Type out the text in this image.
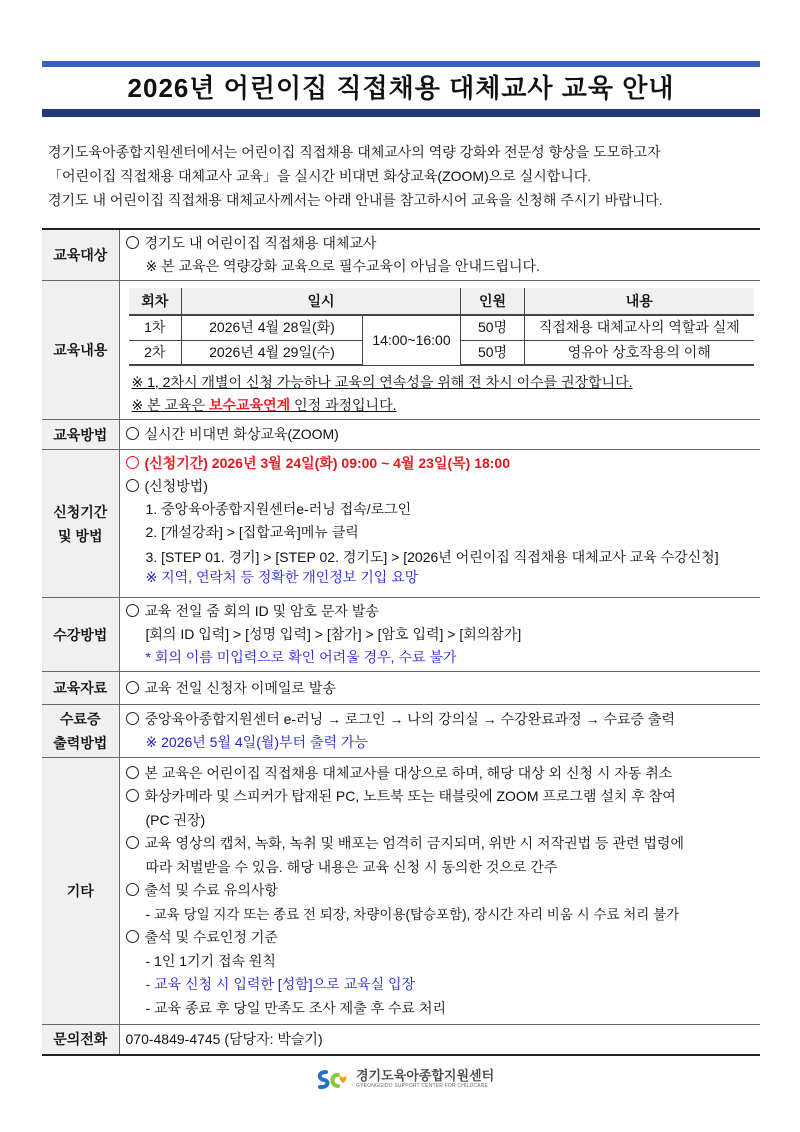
2026년 어린이집 직접채용 대체교사 교육 안내
경기도육아종합지원센터에서는 어린이집 직접채용 대체교사의 역량 강화와 전문성 향상을 도모하고자
「어린이집 직접채용 대체교사 교육」을 실시간 비대면 화상교육(ZOOM)으로 실시합니다.
경기도 내 어린이집 직접채용 대체교사께서는 아래 안내를 참고하시어 교육을 신청해 주시기 바랍니다.
교육대상	
경기도 내 어린이집 직접채용 대체교사
※ 본 교육은 역량강화 교육으로 필수교육이 아님을 안내드립니다.

교육내용	
회차	일시	인원	내용
1차	2026년 4월 28일(화)	14:00~16:00	50명	직접채용 대체교사의 역할과 실제
2차	2026년 4월 29일(수)	50명	영유아 상호작용의 이해
※ 1, 2차시 개별이 신청 가능하나 교육의 연속성을 위해 전 차시 이수를 권장합니다.
※ 본 교육은 보수교육연계 인정 과정입니다.

교육방법	실시간 비대면 화상교육(ZOOM)

신청기간
및 방법

(신청기간) 2026년 3월 24일(화) 09:00 ~ 4월 23일(목) 18:00
(신청방법)
1. 중앙육아종합지원센터e-러닝 접속/로그인
2. [개설강좌] > [집합교육]메뉴 클릭
3. [STEP 01. 경기] > [STEP 02. 경기도] > [2026년 어린이집 직접채용 대체교사 교육 수강신청]
※ 지역, 연락처 등 정확한 개인정보 기입 요망

수강방법	
교육 전일 줌 회의 ID 및 암호 문자 발송
[회의 ID 입력] > [성명 입력] > [참가] > [암호 입력] > [회의참가]
* 회의 이름 미입력으로 확인 어려울 경우, 수료 불가

교육자료	교육 전일 신청자 이메일로 발송

수료증
출력방법

중앙육아종합지원센터 e-러닝 → 로그인 → 나의 강의실 → 수강완료과정 → 수료증 출력
※ 2026년 5월 4일(월)부터 출력 가능

기타	
본 교육은 어린이집 직접채용 대체교사를 대상으로 하며, 해당 대상 외 신청 시 자동 취소
화상카메라 및 스피커가 탑재된 PC, 노트북 또는 태블릿에 ZOOM 프로그램 설치 후 참여
(PC 권장)
교육 영상의 캡처, 녹화, 녹취 및 배포는 엄격히 금지되며, 위반 시 저작권법 등 관련 법령에
따라 처벌받을 수 있음. 해당 내용은 교육 신청 시 동의한 것으로 간주
출석 및 수료 유의사항
- 교육 당일 지각 또는 종료 전 퇴장, 차량이용(탑승포함), 장시간 자리 비움 시 수료 처리 불가
출석 및 수료인정 기준
- 1인 1기기 접속 원칙
- 교육 신청 시 입력한 [성함]으로 교육실 입장
- 교육 종료 후 당일 만족도 조사 제출 후 수료 처리

문의전화	070-4849-4745 (담당자: 박슬기)
경기도육아종합지원센터
GYEONGGIDO SUPPORT CENTER FOR CHILDCARE
